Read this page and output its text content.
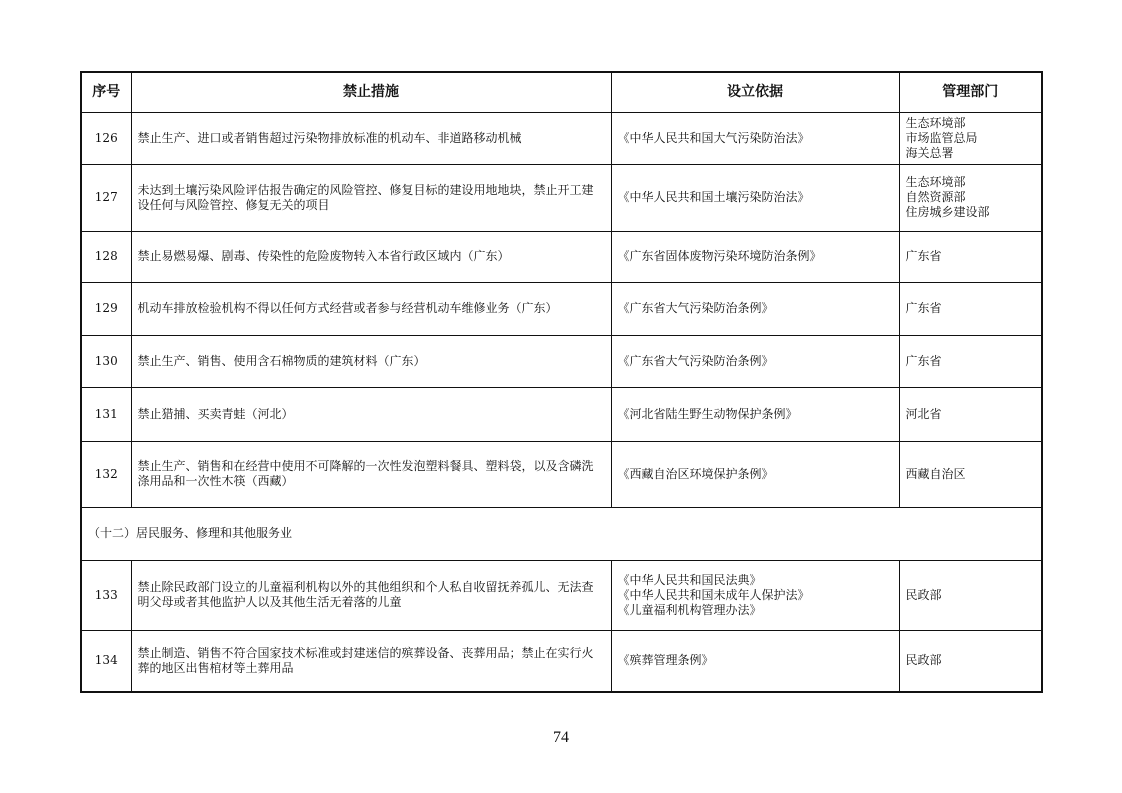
序号	禁止措施	设立依据	管理部门
126	禁止生产、进口或者销售超过污染物排放标准的机动车、非道路移动机械	《中华人民共和国大气污染防治法》	生态环境部
市场监管总局
海关总署

127	未达到土壤污染风险评估报告确定的风险管控、修复目标的建设用地地块，禁止开工建设任何与风险管控、修复无关的项目	《中华人民共和国土壤污染防治法》	生态环境部
自然资源部
住房城乡建设部

128	禁止易燃易爆、剧毒、传染性的危险废物转入本省行政区域内（广东）	《广东省固体废物污染环境防治条例》	广东省

129	机动车排放检验机构不得以任何方式经营或者参与经营机动车维修业务（广东）	《广东省大气污染防治条例》	广东省

130	禁止生产、销售、使用含石棉物质的建筑材料（广东）	《广东省大气污染防治条例》	广东省

131	禁止猎捕、买卖青蛙（河北）	《河北省陆生野生动物保护条例》	河北省

132	禁止生产、销售和在经营中使用不可降解的一次性发泡塑料餐具、塑料袋，以及含磷洗涤用品和一次性木筷（西藏）	《西藏自治区环境保护条例》	西藏自治区

（十二）居民服务、修理和其他服务业			
133	禁止除民政部门设立的儿童福利机构以外的其他组织和个人私自收留抚养孤儿、无法查明父母或者其他监护人以及其他生活无着落的儿童	《中华人民共和国民法典》
《中华人民共和国未成年人保护法》
《儿童福利机构管理办法》	民政部

134	禁止制造、销售不符合国家技术标准或封建迷信的殡葬设备、丧葬用品；禁止在实行火葬的地区出售棺材等土葬用品	《殡葬管理条例》	民政部
74
